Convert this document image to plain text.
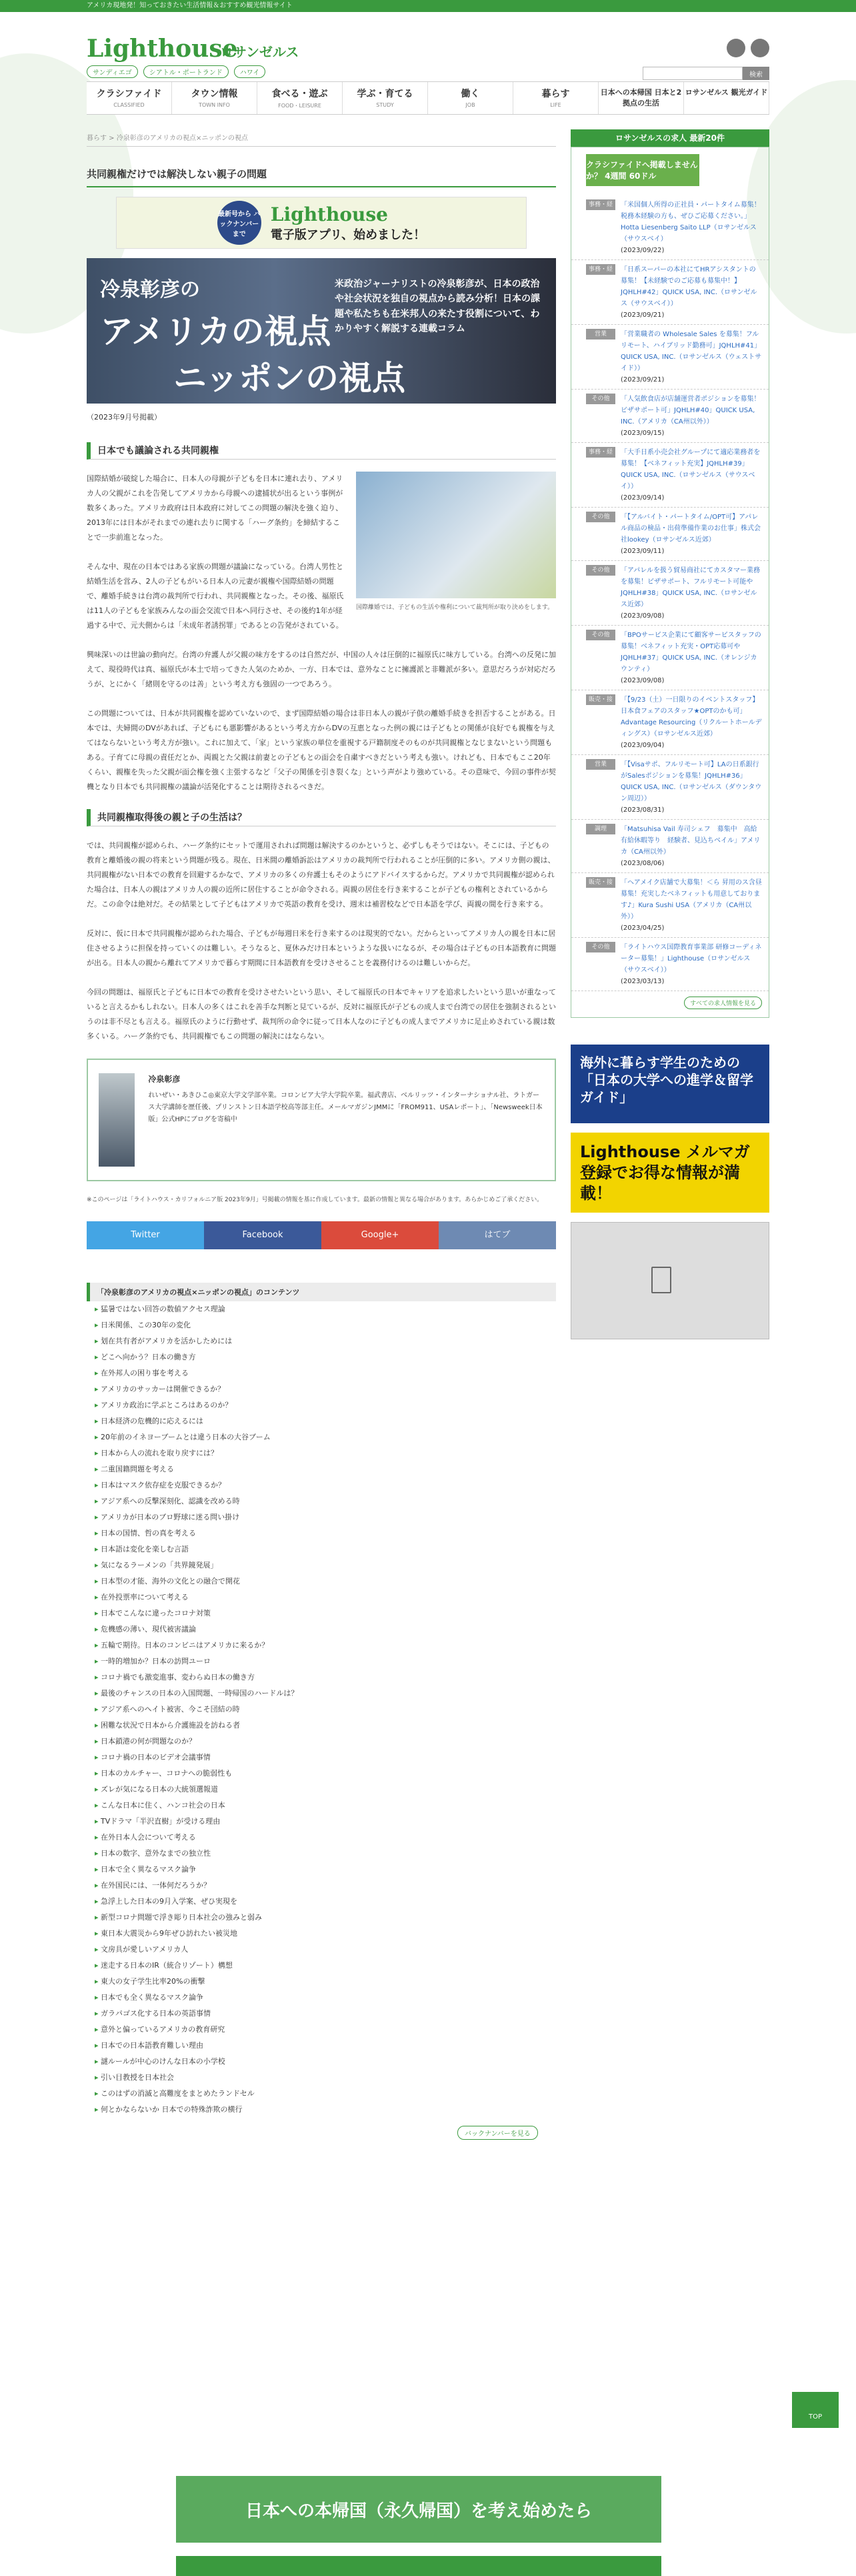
アメリカ現地発！知っておきたい生活情報＆おすすめ観光情報サイト
Lighthouse
ロサンゼルス
サンディエゴ	シアトル・ポートランド	ハワイ	検索
クラシファイド
CLASSIFIED
タウン情報
TOWN INFO
食べる・遊ぶ
FOOD・LEISURE
学ぶ・育てる
STUDY
働く
JOB
暮らす
LIFE
日本への本帰国 日本と2拠点の生活
ロサンゼルス 観光ガイド
暮らす > 冷泉彰彦のアメリカの視点×ニッポンの視点
共同親権だけでは解決しない親子の問題
最新号から バックナンバー まで
Lighthouse
電子版アプリ、始めました！
冷泉彰彦の
アメリカの視点
ニッポンの視点
米政治ジャーナリストの冷泉彰彦が、日本の政治や社会状況を独自の視点から読み分析！日本の課題や私たちも在米邦人の来たす役割について、わかりやすく解説する連載コラム
（2023年9月号掲載）
日本でも議論される共同親権
国際離婚では、子どもの生活や権利について裁判所が取り決めをします。

国際結婚が破綻した場合に、日本人の母親が子どもを日本に連れ去り、アメリカ人の父親がこれを告発してアメリカから母親への逮捕状が出るという事例が数多くあった。アメリカ政府は日本政府に対してこの問題の解決を強く迫り、2013年には日本がそれまでの連れ去りに関する「ハーグ条約」を締結することで一歩前進となった。

そんな中、現在の日本ではある家族の問題が議論になっている。台湾人男性と結婚生活を営み、2人の子どもがいる日本人の元妻が親権や国際結婚の問題で、離婚手続きは台湾の裁判所で行われ、共同親権となった。その後、福原氏は11人の子どもを家族みんなの面会交流で日本へ同行させ、その後約1年が経過する中で、元夫側からは「未成年者誘拐罪」であるとの告発がされている。

興味深いのは世論の動向だ。台湾の弁護人が父親の味方をするのは自然だが、中国の人々は圧倒的に福原氏に味方している。台湾への反発に加えて、現役時代は真、福原氏が本土で培ってきた人気のためか、一方、日本では、意外なことに擁護派と非難派が多い。意思だろうが対応だろうが、とにかく「緒則を守るのは善」という考え方も強固の一つであろう。

この問題については、日本が共同親権を認めていないので、まず国際結婚の場合は非日本人の親が子供の離婚手続きを担否することがある。日本では、夫婦間のDVがあれば、子どもにも悪影響があるという考え方からDVの互恵となった例の親には子どもとの関係が良好でも親権を与えてはならないという考え方が強い。これに加えて、「家」という家族の単位を重視する戸籍制度そのものが共同親権となじまないという問題もある。子育てに母親の責任だとか、両親とた父親は前妻との子どもとの面会を自粛すべきだという考えも強い。けれども、日本でもここ20年くらい、親権を失った父親が面会権を強く主張するなど「父子の関係を引き裂くな」という声がより強めている。その意味で、今回の事件が契機となり日本でも共同親権の議論が活発化することは期待されるべきだ。

共同親権取得後の親と子の生活は？

では、共同親権が認められ、ハーグ条約にセットで運用されれば問題は解決するのかというと、必ずしもそうではない。そこには、子どもの教育と離婚後の親の将来という問題が残る。現在、日米間の離婚訴訟はアメリカの裁判所で行われることが圧倒的に多い。アメリカ側の親は、共同親権がない日本での教育を回避するかなで、アメリカの多くの弁護士もそのようにアドバイスするからだ。アメリカで共同親権が認められた場合は、日本人の親はアメリカ人の親の近所に居住することが命令される。両親の居住を行き来することが子どもの権利とされているからだ。この命令は絶対だ。その結果として子どもはアメリカで英語の教育を受け、週末は補習校などで日本語を学び、両親の間を行き来する。

反対に、仮に日本で共同親権が認められた場合、子どもが毎週日米を行き来するのは現実的でない。だからといってアメリカ人の親を日本に居住させるように担保を持っていくのは難しい。そうなると、夏休みだけ日本というような扱いになるが、その場合は子どもの日本語教育に問題が出る。日本人の親から離れてアメリカで暮らす期間に日本語教育を受けさせることを義務付けるのは難しいからだ。

今回の問題は、福原氏と子どもに日本での教育を受けさせたいという思い、そして福原氏の日本でキャリアを追求したいという思いが重なっていると言えるかもしれない。日本人の多くはこれを善手な判断と見ているが、反対に福原氏が子どもの成人まで台湾での居住を強制されるというのは非不尽とも言える。福原氏のように行動せず、裁判所の命令に従って日本人なのに子どもの成人までアメリカに足止めされている親は数多くいる。ハーグ条約でも、共同親権でもこの問題の解決にはならない。

冷泉彰彦
れいぜい・あきひこ◎東京大学文学部卒業。コロンビア大学大学院卒業。福武書店、ベルリッツ・インターナショナル社、ラトガース大学講師を歴任後、プリンストン日本語学校高等部主任。メールマガジンJMMに「FROM911、USAレポート」、「Newsweek日本版」公式HPにブログを寄稿中
※このページは「ライトハウス・カリフォルニア版 2023年9月」号掲載の情報を基に作成しています。最新の情報と異なる場合があります。あらかじめご了承ください。
Twitter	Facebook	Google+	はてブ
「冷泉彰彦のアメリカの視点×ニッポンの視点」のコンテンツ
▸ 猛暑ではない回答の数値アクセス理論
▸ 日米関係、この30年の変化
▸ 划在共有者がアメリカを活かしためには
▸ どこへ向かう？日本の働き方
▸ 在外邦人の困り事を考える
▸ アメリカのサッカーは開催できるか？
▸ アメリカ政治に学ぶところはあるのか？
▸ 日本経済の危機的に応えるには
▸ 20年前のイネヨーブームとは違う日本の大谷ブーム
▸ 日本から人の流れを取り戻すには？
▸ 二重国籍問題を考える
▸ 日本はマスク依存症を克服できるか？
▸ アジア系への反撃深刻化、認識を改める時
▸ アメリカが日本のブロ野球に迷る問い掛け
▸ 日本の国情、哲の真を考える
▸ 日本語は変化を楽しむ言語
▸ 気になるラーメンの「共界鏡発展」
▸ 日本型の才能、海外の文化との融合で開花
▸ 在外投票率について考える
▸ 日本でこんなに違ったコロナ対策
▸ 危機感の薄い、現代被害議論
▸ 五輪で期待。日本のコンビニはアメリカに来るか？
▸ 一時的増加か？日本の訪問ユーロ
▸ コロナ禍でも激変進事、変わらぬ日本の働き方
▸ 最後のチャンスの日本の入国問題、一時帰国のハードルは？
▸ アジア系へのヘイト被害、今こそ団結の時
▸ 困難な状況で日本から介護施設を訪ねる者
▸ 日本鎖港の何が問題なのか？
▸ コロナ禍の日本のビデオ会議事情
▸ 日本のカルチャー、コロナへの脆弱性も
▸ ズレが気になる日本の大統領選報道
▸ こんな日本に住く、ハンコ社会の日本
▸ TVドラマ「半沢直樹」が受ける理由
▸ 在外日本人会について考える
▸ 日本の数字、意外なまでの独立性
▸ 日本で全く異なるマスク論争
▸ 在外国民には、一体何だろうか？
▸ 急浮上した日本の9月入学案、ぜひ実現を
▸ 新型コロナ問題で浮き彫り日本社会の強みと弱み
▸ 東日本大震災から9年ぜひ訪れたい被災地
▸ 文房具が愛しいアメリカ人
▸ 迷走する日本のIR（統合リゾート）構想
▸ 東大の女子学生比率20%の衝撃
▸ 日本でも全く異なるマスク論争
▸ ガラパゴス化する日本の英語事情
▸ 意外と偏っているアメリカの教育研究
▸ 日本での日本語教育難しい理由
▸ 謎ルールが中心のけんな日本の小学校
▸ 引い目教授を日本社会
▸ このはずの消滅と高難度をまとめたランドセル
▸ 何とかならないか 日本での特殊詐欺の横行
バックナンバーを見る
ロサンゼルスの求人 最新20件
クラシファイドへ掲載しませんか？ 4週間 60ドル
事務・経理
「米国個人所得の正社員・パートタイム募集！税務本経験の方も、ぜひご応募ください。」Hotta Liesenberg Saito LLP（ロサンゼルス（サウスベイ）
(2023/09/22)
事務・経理
「日系スーパーの本社にてHRアシスタントの募集！【未経験でのご応募も募集中！】JQHLH#42」QUICK USA, INC.（ロサンゼルス（サウスベイ））
(2023/09/21)
営業	「営業職者の Wholesale Sales を募集！フルリモート、ハイブリッド勤務可」JQHLH#41」QUICK USA, INC.（ロサンゼルス（ウェストサイド））
(2023/09/21)
その他	「人気飲食店が店舗運営者ポジションを募集！ビザサポート可」JQHLH#40」QUICK USA, INC.（アメリカ（CA州以外））
(2023/09/15)
事務・経理
「大手日系小売会社グループにて適応業務者を募集！【ベネフィット充実】JQHLH#39」QUICK USA, INC.（ロサンゼルス（サウスベイ））
(2023/09/14)
その他	「【アルバイト・パートタイム/OPT可】アパレル商品の検品・出荷準備作業のお仕事」株式会社lookey（ロサンゼルス近郊）
(2023/09/11)
その他	「アパレルを扱う貿易商社にてカスタマー業務を募集！ビザサポート、フルリモート可能やJQHLH#38」QUICK USA, INC.（ロサンゼルス近郊）
(2023/09/08)
その他	「BPOサービス企業にて顧客サービスタッフの募集！ベネフィット充実・OPT応募可やJQHLH#37」QUICK USA, INC.（オレンジカウンティ）
(2023/09/08)
販売・接客
「【9/23（土）一日限りのイベントスタッフ】日本食フェアのスタッフ★OPTのかも可」Advantage Resourcing（リクルートホールディングス）（ロサンゼルス近郊）
(2023/09/04)
営業	「【Visaサポ、フルリモート可】LAの日系銀行がSalesポジションを募集！JQHLH#36」QUICK USA, INC.（ロサンゼルス（ダウンタウン周辺））
(2023/08/31)
調理	「Matsuhisa Vail 寿司シェフ　募集中　高給　有給休暇等り　経験者、見込ちベイル」アメリカ（CA州以外）
(2023/08/06)
販売・接客
「ヘアメイク店舗で大募集！＜ら 昇用のス含昼募集！充実したベネフィットも用意しております♪」Kura Sushi USA（アメリカ（CA州以外））
(2023/04/25)
その他	「ライトハウス国際教育事業部 研修コーディネーター募集！」Lighthouse（ロサンゼルス（サウスベイ））
(2023/03/13)
すべての求人情報を見る
海外に暮らす学生のための「日本の大学への進学＆留学ガイド」
Lighthouse メルマガ登録でお得な情報が満載！
日本への本帰国（永久帰国）を考え始めたら
TOP
